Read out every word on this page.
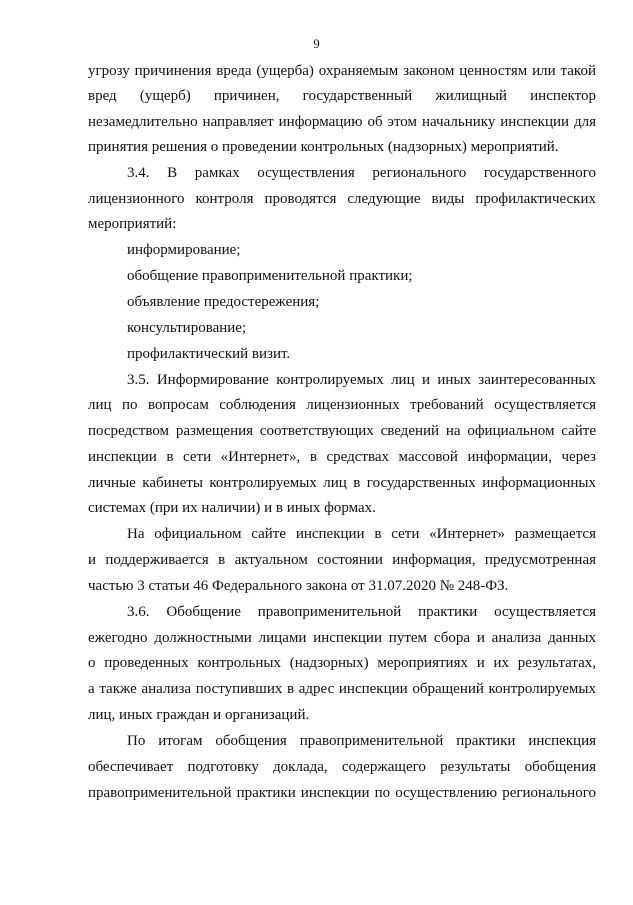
9
угрозу причинения вреда (ущерба) охраняемым законом ценностям или такой
вред (ущерб) причинен, государственный жилищный инспектор
незамедлительно направляет информацию об этом начальнику инспекции для
принятия решения о проведении контрольных (надзорных) мероприятий.
3.4. В рамках осуществления регионального государственного
лицензионного контроля проводятся следующие виды профилактических
мероприятий:
информирование;
обобщение правоприменительной практики;
объявление предостережения;
консультирование;
профилактический визит.
3.5. Информирование контролируемых лиц и иных заинтересованных
лиц по вопросам соблюдения лицензионных требований осуществляется
посредством размещения соответствующих сведений на официальном сайте
инспекции в сети «Интернет», в средствах массовой информации, через
личные кабинеты контролируемых лиц в государственных информационных
системах (при их наличии) и в иных формах.
На официальном сайте инспекции в сети «Интернет» размещается
и поддерживается в актуальном состоянии информация, предусмотренная
частью 3 статьи 46 Федерального закона от 31.07.2020 № 248-ФЗ.
3.6. Обобщение правоприменительной практики осуществляется
ежегодно должностными лицами инспекции путем сбора и анализа данных
о проведенных контрольных (надзорных) мероприятиях и их результатах,
а также анализа поступивших в адрес инспекции обращений контролируемых
лиц, иных граждан и организаций.
По итогам обобщения правоприменительной практики инспекция
обеспечивает подготовку доклада, содержащего результаты обобщения
правоприменительной практики инспекции по осуществлению регионального
